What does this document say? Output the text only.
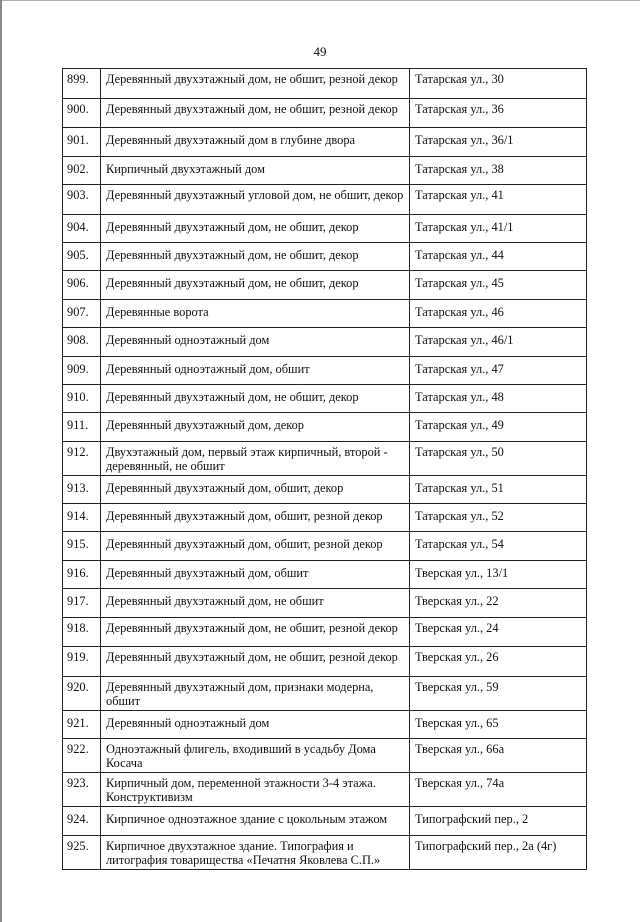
49
899.	Деревянный двухэтажный дом, не обшит, резной декор	Татарская ул., 30
900.	Деревянный двухэтажный дом, не обшит, резной декор	Татарская ул., 36
901.	Деревянный двухэтажный дом в глубине двора	Татарская ул., 36/1
902.	Кирпичный двухэтажный дом	Татарская ул., 38
903.	Деревянный двухэтажный угловой дом, не обшит, декор	Татарская ул., 41
904.	Деревянный двухэтажный дом, не обшит, декор	Татарская ул., 41/1
905.	Деревянный двухэтажный дом, не обшит, декор	Татарская ул., 44
906.	Деревянный двухэтажный дом, не обшит, декор	Татарская ул., 45
907.	Деревянные ворота	Татарская ул., 46
908.	Деревянный одноэтажный дом	Татарская ул., 46/1
909.	Деревянный одноэтажный дом, обшит	Татарская ул., 47
910.	Деревянный двухэтажный дом, не обшит, декор	Татарская ул., 48
911.	Деревянный двухэтажный дом, декор	Татарская ул., 49
912.	Двухэтажный дом, первый этаж кирпичный, второй - деревянный, не обшит	Татарская ул., 50
913.	Деревянный двухэтажный дом, обшит, декор	Татарская ул., 51
914.	Деревянный двухэтажный дом, обшит, резной декор	Татарская ул., 52
915.	Деревянный двухэтажный дом, обшит, резной декор	Татарская ул., 54
916.	Деревянный двухэтажный дом, обшит	Тверская ул., 13/1
917.	Деревянный двухэтажный дом, не обшит	Тверская ул., 22
918.	Деревянный двухэтажный дом, не обшит, резной декор	Тверская ул., 24
919.	Деревянный двухэтажный дом, не обшит, резной декор	Тверская ул., 26
920.	Деревянный двухэтажный дом, признаки модерна, обшит	Тверская ул., 59
921.	Деревянный одноэтажный дом	Тверская ул., 65
922.	Одноэтажный флигель, входивший в усадьбу Дома Косача	Тверская ул., 66а
923.	Кирпичный дом, переменной этажности 3-4 этажа. Конструктивизм	Тверская ул., 74а
924.	Кирпичное одноэтажное здание с цокольным этажом	Типографский пер., 2
925.	Кирпичное двухэтажное здание. Типография и литография товарищества «Печатня Яковлева С.П.»	Типографский пер., 2а (4г)
